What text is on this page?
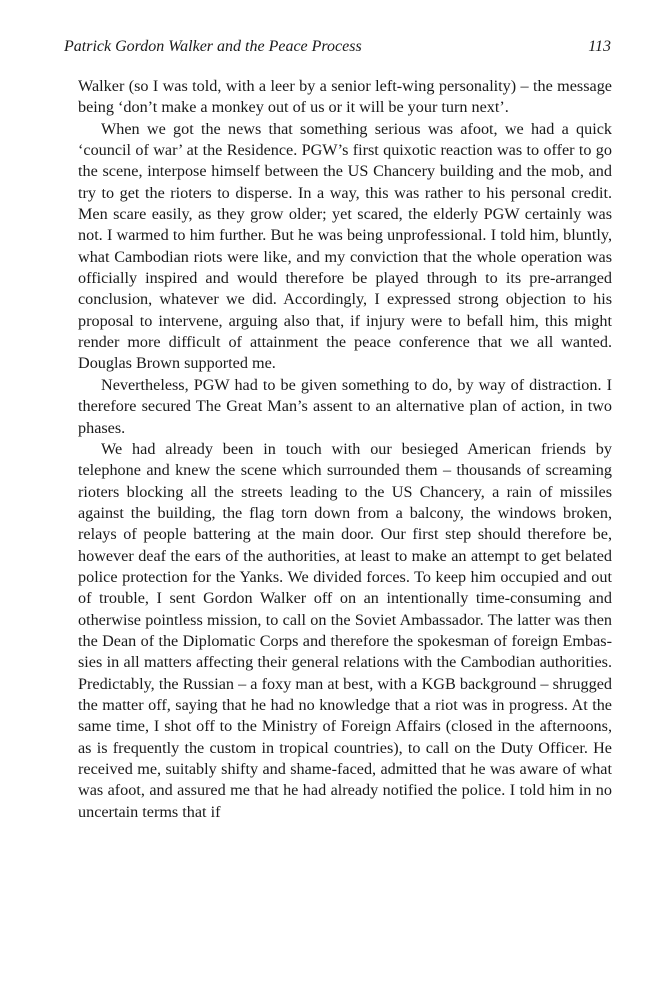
Patrick Gordon Walker and the Peace Process	113

Walker (so I was told, with a leer by a senior left-wing personality) – the message being ‘don’t make a monkey out of us or it will be your turn next’.

When we got the news that something serious was afoot, we had a quick ‘council of war’ at the Residence. PGW’s first quixotic reaction was to offer to go the scene, interpose himself between the US Chancery building and the mob, and try to get the rioters to disperse. In a way, this was rather to his personal credit. Men scare easily, as they grow older; yet scared, the elderly PGW certainly was not. I warmed to him further. But he was being unprofessional. I told him, bluntly, what Cambodian riots were like, and my conviction that the whole operation was officially inspired and would therefore be played through to its pre-arranged conclusion, whatever we did. Accordingly, I expressed strong objection to his proposal to intervene, arguing also that, if injury were to befall him, this might render more difficult of attainment the peace conference that we all wanted. Douglas Brown supported me.

Nevertheless, PGW had to be given something to do, by way of distraction. I therefore secured The Great Man’s assent to an alternative plan of action, in two phases.

We had already been in touch with our besieged American friends by telephone and knew the scene which surrounded them – thousands of screaming rioters blocking all the streets leading to the US Chancery, a rain of missiles against the building, the flag torn down from a balcony, the windows broken, relays of people battering at the main door. Our first step should therefore be, however deaf the ears of the authorities, at least to make an attempt to get belated police protection for the Yanks. We divided forces. To keep him occupied and out of trouble, I sent Gordon Walker off on an intentionally time-consuming and otherwise pointless mission, to call on the Soviet Ambassador. The latter was then the Dean of the Diplomatic Corps and therefore the spokesman of foreign Embassies in all matters affecting their general relations with the Cambodian authorities. Predictably, the Russian – a foxy man at best, with a KGB background – shrugged the matter off, saying that he had no knowledge that a riot was in progress. At the same time, I shot off to the Ministry of Foreign Affairs (closed in the afternoons, as is frequently the custom in tropical countries), to call on the Duty Officer. He received me, suitably shifty and shame-faced, admitted that he was aware of what was afoot, and assured me that he had already notified the police. I told him in no uncertain terms that if
